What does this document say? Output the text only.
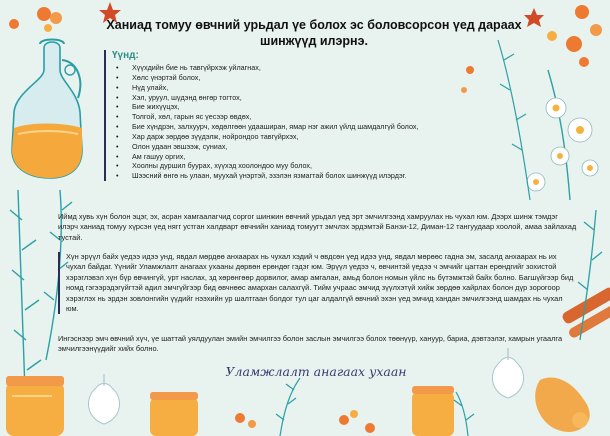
Ханиад томуу өвчний урьдал үе болох эс боловсорсон үед дараах шинжүүд илэрнэ.
Үүнд:
• Хүүхдийн бие нь тавгүйрхэж уйлагнах,
• Хөлс үнэртэй болох,
• Нүд улайх,
• Хэл, уруул, шүдэнд өнгөр тогтох,
• Бие жихүүцэх,
• Толгой, хөл, гарын яс үесээр өвдөх,
• Бие хүндрэн, залхуурч, хөдөлгөөн удааширан, ямар нэг ажил үйлд шамдалгүй болох,
• Хар дарж зөрдөө зүүдэлж, нойрондоо тавгүйрхэх,
• Олон удаан эвшээж, суниах,
• Ам гашуу оргих,
• Хоолны дуршил буурах, хүүхэд хоолондоо муу болох,
• Шээсний өнгө нь улаан, муухай үнэртэй, эзэлэн язмагтай болох шинжүүд илэрдэг.

Иймд хувь хүн болон эцэг, эх, асран хамгаалагчид соргог шинжин өвчний урьдал үед эрт эмчилгээнд хамруулах нь чухал юм. Дээрх шинж тэмдэг илэрч ханиад томуу хүрсэн үед нягг устган халдварт өвчнийн ханиад томуугт эмчлэх эрдэмтэй Банзи-12, Диман-12 тангуудаар хоолой, амаа зайлахад тустай.

Хүн эрүүл байх үедээ идээ унд, явдал мөрдөө анхаарах нь чухал хэдий ч өвдсөн үед идээ унд, явдал мөрөөс гадна эм, засалд анхаарах нь их чухал байдаг. Үүнийг Уламжлалт анагаах ухааны дөрвөн ерөндөг гэдэг юм. Эрүүл үедээ ч, өвчинтэй үедээ ч эмчийг цагтан ерөндгийг зохистой хэрэглэвэл хүн бүр өвчингүй, урт наслах, зд хөрөнгөөр дорвилог, амар амгалан, амьд болон номын үйлс нь бүтэмжтэй байх болно. Багшүйгээр бид номд гэгээрэдэгүйгтэй адил эмчгүйгээр бид өвчнөөс амархан салахгүй. Тийм учраас эмчид зүүлхэтүй хийж зөрдөө хайрлах болон дүр зорогоор хэрэглэх нь эрдэн зовлонгийн үүдийг нээхийн ур шалтгаан болдог тул цаг алдалгүй өвчний эхэн үед эмчид хандан эмчилгээнд шамдах нь чухал юм.

Ингэснээр эмч өвчний хүч, үе шаттай уялдуулан эмийн эмчилгээ болон заслын эмчилгээ болох төөнүүр, хануур, бариа, дэвтээлэг, хамрын угаалга эмчилгээнүүдийг хийх болно.

Уламжлалт анагаах ухаан
